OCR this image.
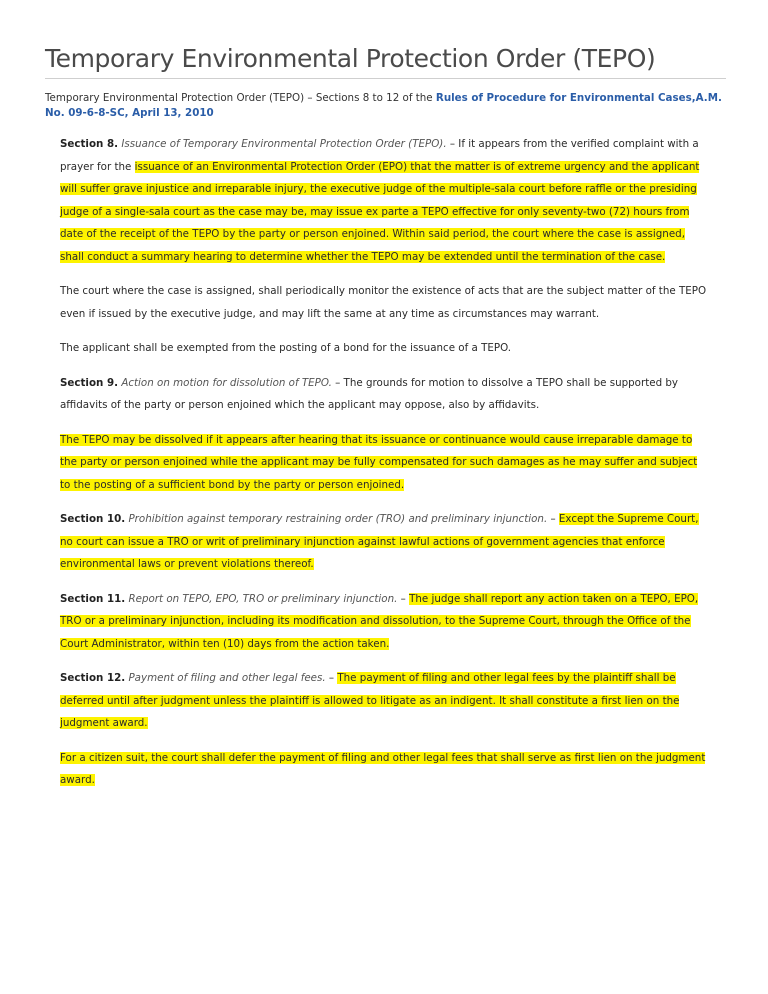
Temporary Environmental Protection Order (TEPO)
Temporary Environmental Protection Order (TEPO) – Sections 8 to 12 of the Rules of Procedure for Environmental Cases,A.M. No. 09-6-8-SC, April 13, 2010

Section 8. Issuance of Temporary Environmental Protection Order (TEPO). – If it appears from the verified complaint with a prayer for the issuance of an Environmental Protection Order (EPO) that the matter is of extreme urgency and the applicant will suffer grave injustice and irreparable injury, the executive judge of the multiple-sala court before raffle or the presiding judge of a single-sala court as the case may be, may issue ex parte a TEPO effective for only seventy-two (72) hours from date of the receipt of the TEPO by the party or person enjoined. Within said period, the court where the case is assigned, shall conduct a summary hearing to determine whether the TEPO may be extended until the termination of the case.

The court where the case is assigned, shall periodically monitor the existence of acts that are the subject matter of the TEPO even if issued by the executive judge, and may lift the same at any time as circumstances may warrant.

The applicant shall be exempted from the posting of a bond for the issuance of a TEPO.

Section 9. Action on motion for dissolution of TEPO. – The grounds for motion to dissolve a TEPO shall be supported by affidavits of the party or person enjoined which the applicant may oppose, also by affidavits.

The TEPO may be dissolved if it appears after hearing that its issuance or continuance would cause irreparable damage to the party or person enjoined while the applicant may be fully compensated for such damages as he may suffer and subject to the posting of a sufficient bond by the party or person enjoined.

Section 10. Prohibition against temporary restraining order (TRO) and preliminary injunction. – Except the Supreme Court, no court can issue a TRO or writ of preliminary injunction against lawful actions of government agencies that enforce environmental laws or prevent violations thereof.

Section 11. Report on TEPO, EPO, TRO or preliminary injunction. – The judge shall report any action taken on a TEPO, EPO, TRO or a preliminary injunction, including its modification and dissolution, to the Supreme Court, through the Office of the Court Administrator, within ten (10) days from the action taken.

Section 12. Payment of filing and other legal fees. – The payment of filing and other legal fees by the plaintiff shall be deferred until after judgment unless the plaintiff is allowed to litigate as an indigent. It shall constitute a first lien on the judgment award.

For a citizen suit, the court shall defer the payment of filing and other legal fees that shall serve as first lien on the judgment award.
